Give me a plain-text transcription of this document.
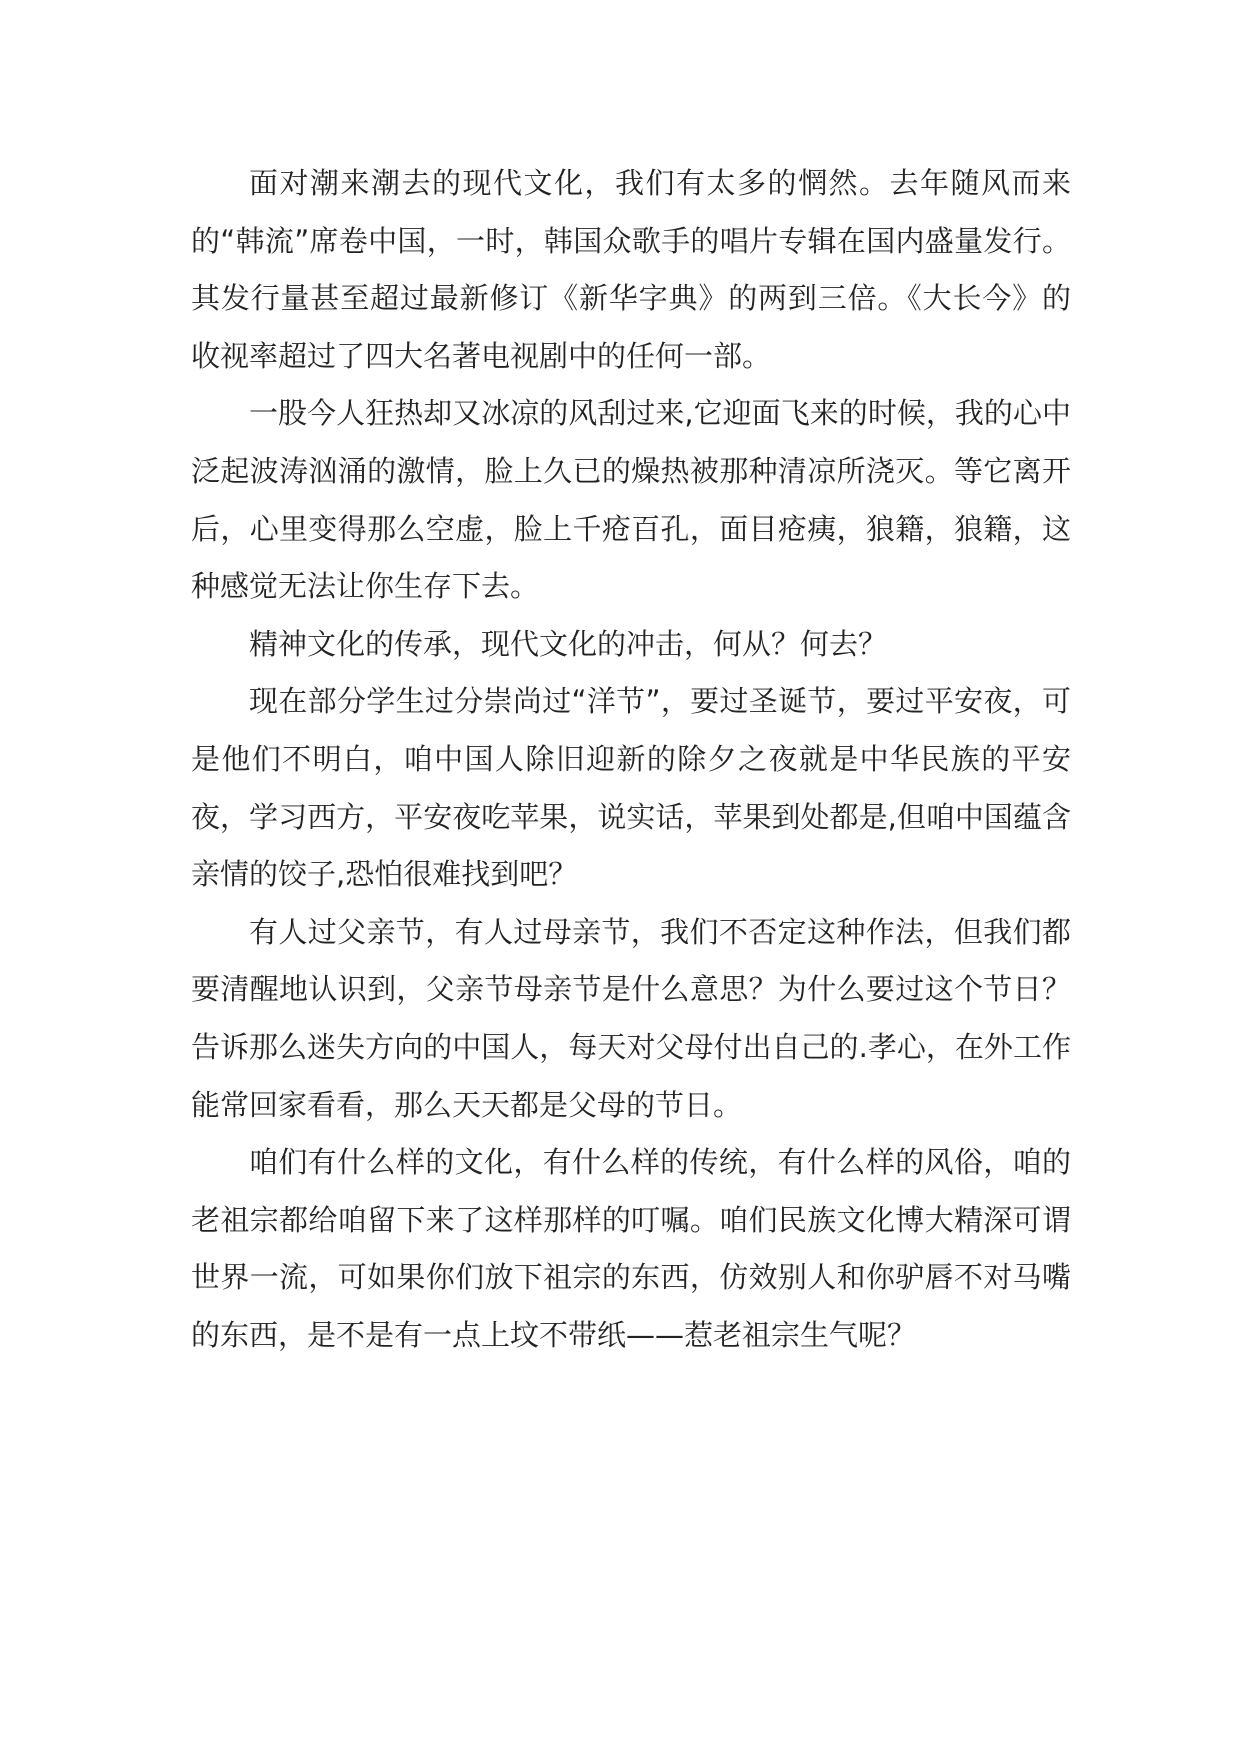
面对潮来潮去的现代文化，我们有太多的惘然。去年随风而来的“韩流”席卷中国，一时，韩国众歌手的唱片专辑在国内盛量发行。其发行量甚至超过最新修订《新华字典》的两到三倍。《大长今》的收视率超过了四大名著电视剧中的任何一部。

一股今人狂热却又冰凉的风刮过来,它迎面飞来的时候，我的心中泛起波涛汹涌的激情，脸上久已的燥热被那种清凉所浇灭。等它离开后，心里变得那么空虚，脸上千疮百孔，面目疮痍，狼籍，狼籍，这种感觉无法让你生存下去。

精神文化的传承，现代文化的冲击，何从？何去？

现在部分学生过分崇尚过“洋节”，要过圣诞节，要过平安夜，可是他们不明白，咱中国人除旧迎新的除夕之夜就是中华民族的平安夜，学习西方，平安夜吃苹果，说实话，苹果到处都是,但咱中国蕴含亲情的饺子,恐怕很难找到吧？

有人过父亲节，有人过母亲节，我们不否定这种作法，但我们都要清醒地认识到，父亲节母亲节是什么意思？为什么要过这个节日？告诉那么迷失方向的中国人，每天对父母付出自己的.孝心，在外工作能常回家看看，那么天天都是父母的节日。

咱们有什么样的文化，有什么样的传统，有什么样的风俗，咱的老祖宗都给咱留下来了这样那样的叮嘱。咱们民族文化博大精深可谓世界一流，可如果你们放下祖宗的东西，仿效别人和你驴唇不对马嘴的东西，是不是有一点上坟不带纸——惹老祖宗生气呢？
